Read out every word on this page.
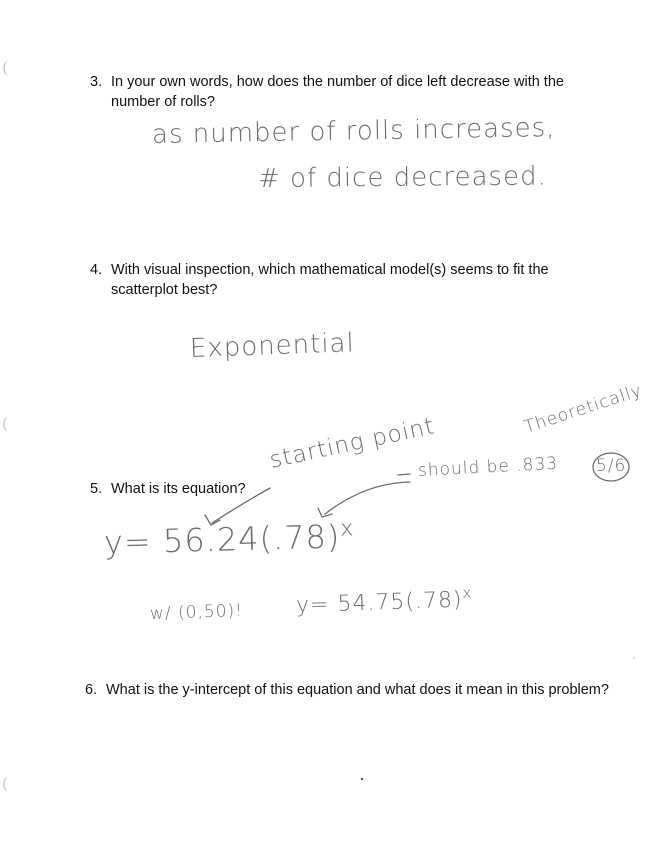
(
(
(
3. In your own words, how does the number of dice left decrease with the number of rolls?
as number of rolls increases,
# of dice decreased.
4. With visual inspection, which mathematical model(s) seems to fit the scatterplot best?
Exponential
5. What is its equation?
starting point
Theoretically
should be .833 5/6
$y= 56.24(.78)^x$
w/ (0,50)! $y= 54.75(.78)^x$
6. What is the y-intercept of this equation and what does it mean in this problem?
